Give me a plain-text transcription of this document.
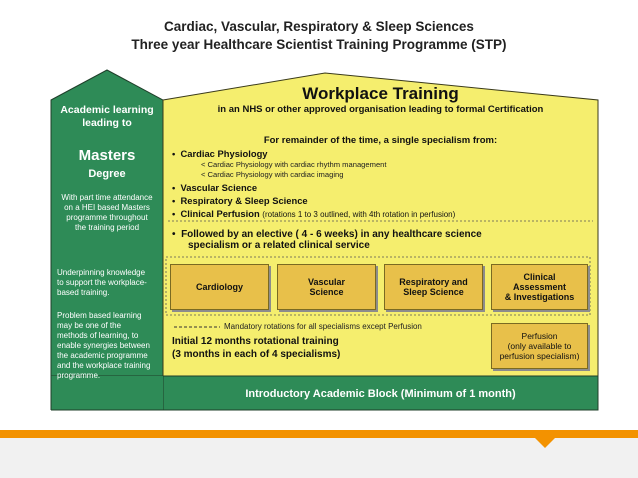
Cardiac, Vascular, Respiratory & Sleep Sciences
Three year Healthcare Scientist Training Programme (STP)
Academic learning
leading to
Masters
Degree
With part time attendance
on a HEI based Masters
programme throughout
the training period
Underpinning knowledge
to support the workplace-
based training.
Problem based learning
may be one of the
methods of learning, to
enable synergies between
the academic programme
and the workplace training
programme.
Workplace Training
in an NHS or other approved organisation leading to formal Certification
For remainder of the time, a single specialism from:
•  Cardiac Physiology
< Cardiac Physiology with cardiac rhythm management
< Cardiac Physiology with cardiac imaging
•  Vascular Science
•  Respiratory & Sleep Science
•  Clinical Perfusion (rotations 1 to 3 outlined, with 4th rotation in perfusion)
•  Followed by an elective ( 4 - 6 weeks) in any healthcare science
specialism or a related clinical service
Cardiology	Vascular
Science
Respiratory and
Sleep Science
Clinical
Assessment
& Investigations
Mandatory rotations for all specialisms except Perfusion
Initial 12 months rotational training
(3 months in each of 4 specialisms)
Perfusion
(only available to
perfusion specialism)
Introductory Academic Block (Minimum of 1 month)
